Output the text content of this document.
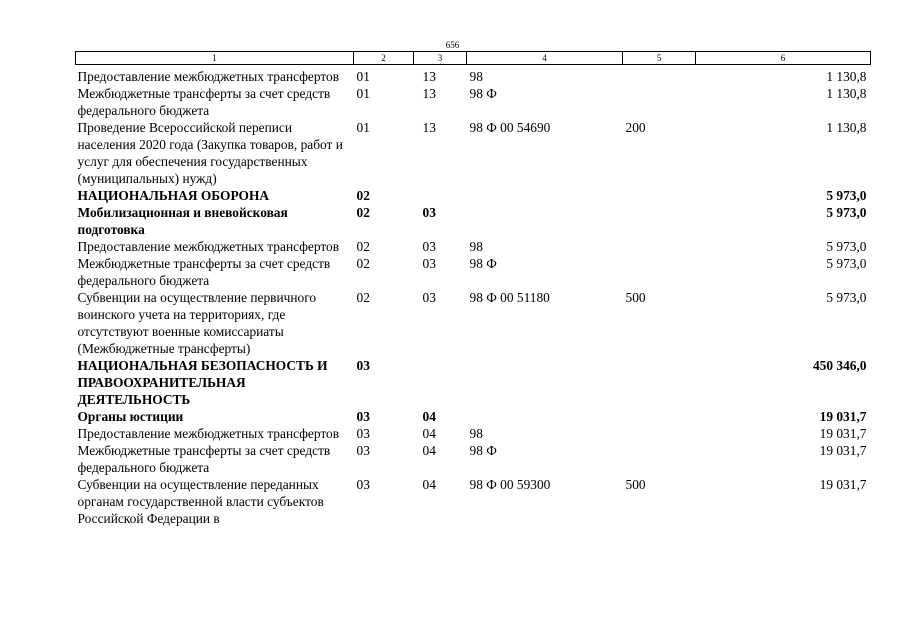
656
1	2	3	4	5	6
Предоставление межбюджетных трансфертов	01	13	98		1 130,8
Межбюджетные трансферты за счет средств федерального бюджета	01	13	98 Ф		1 130,8
Проведение Всероссийской переписи населения 2020 года (Закупка товаров, работ и услуг для обеспечения государственных (муниципальных) нужд)	01	13	98 Ф 00 54690	200	1 130,8
НАЦИОНАЛЬНАЯ ОБОРОНА	02				5 973,0
Мобилизационная и вневойсковая подготовка	02	03			5 973,0
Предоставление межбюджетных трансфертов	02	03	98		5 973,0
Межбюджетные трансферты за счет средств федерального бюджета	02	03	98 Ф		5 973,0
Субвенции на осуществление первичного воинского учета на территориях, где отсутствуют военные комиссариаты (Межбюджетные трансферты)	02	03	98 Ф 00 51180	500	5 973,0
НАЦИОНАЛЬНАЯ БЕЗОПАСНОСТЬ И ПРАВООХРАНИТЕЛЬНАЯ ДЕЯТЕЛЬНОСТЬ	03				450 346,0
Органы юстиции	03	04			19 031,7
Предоставление межбюджетных трансфертов	03	04	98		19 031,7
Межбюджетные трансферты за счет средств федерального бюджета	03	04	98 Ф		19 031,7
Субвенции на осуществление переданных органам государственной власти субъектов Российской Федерации в	03	04	98 Ф 00 59300	500	19 031,7
